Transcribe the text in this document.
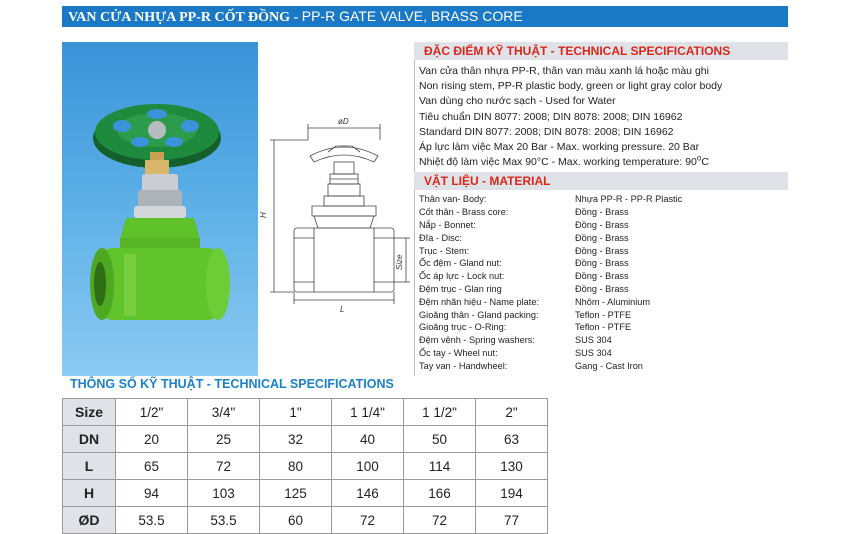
VAN CỬA NHỰA PP-R CỐT ĐỒNG - PP-R GATE VALVE, BRASS CORE
øD
H
Size
L
ĐẶC ĐIỂM KỸ THUẬT - TECHNICAL SPECIFICATIONS
Van cửa thân nhựa PP-R, thân van màu xanh lá hoặc màu ghi
Non rising stem, PP-R plastic body, green or light gray color body
Van dùng cho nước sạch - Used for Water
Tiêu chuẩn DIN 8077: 2008; DIN 8078: 2008; DIN 16962
Standard DIN 8077: 2008; DIN 8078: 2008; DIN 16962
Áp lực làm việc Max 20 Bar - Max. working pressure. 20 Bar
Nhiệt độ làm việc Max 90°C - Max. working temperature: 90$^o$C
VẬT LIỆU - MATERIAL
Thân van- Body:	Nhựa PP-R - PP-R Plastic
Cốt thân - Brass core:	Đồng - Brass
Nắp - Bonnet:	Đồng - Brass
Đĩa - Disc:	Đồng - Brass
Trục - Stem:	Đồng - Brass
Ốc đệm - Gland nut:	Đồng - Brass
Ốc áp lực - Lock nut:	Đồng - Brass
Đệm trục - Glan ring	Đồng - Brass
Đệm nhãn hiệu - Name plate:	Nhôm - Aluminium
Gioăng thân - Gland packing:	Teflon - PTFE
Gioăng trục - O-Ring:	Teflon - PTFE
Đệm vênh - Spring washers:	SUS 304
Ốc tay - Wheel nut:	SUS 304
Tay van - Handwheel:	Gang - Cast Iron
THÔNG SỐ KỸ THUẬT - TECHNICAL SPECIFICATIONS
Size	1/2"	3/4"	1"	1 1/4"	1 1/2"	2"
DN	20	25	32	40	50	63
L	65	72	80	100	114	130
H	94	103	125	146	166	194
ØD	53.5	53.5	60	72	72	77
